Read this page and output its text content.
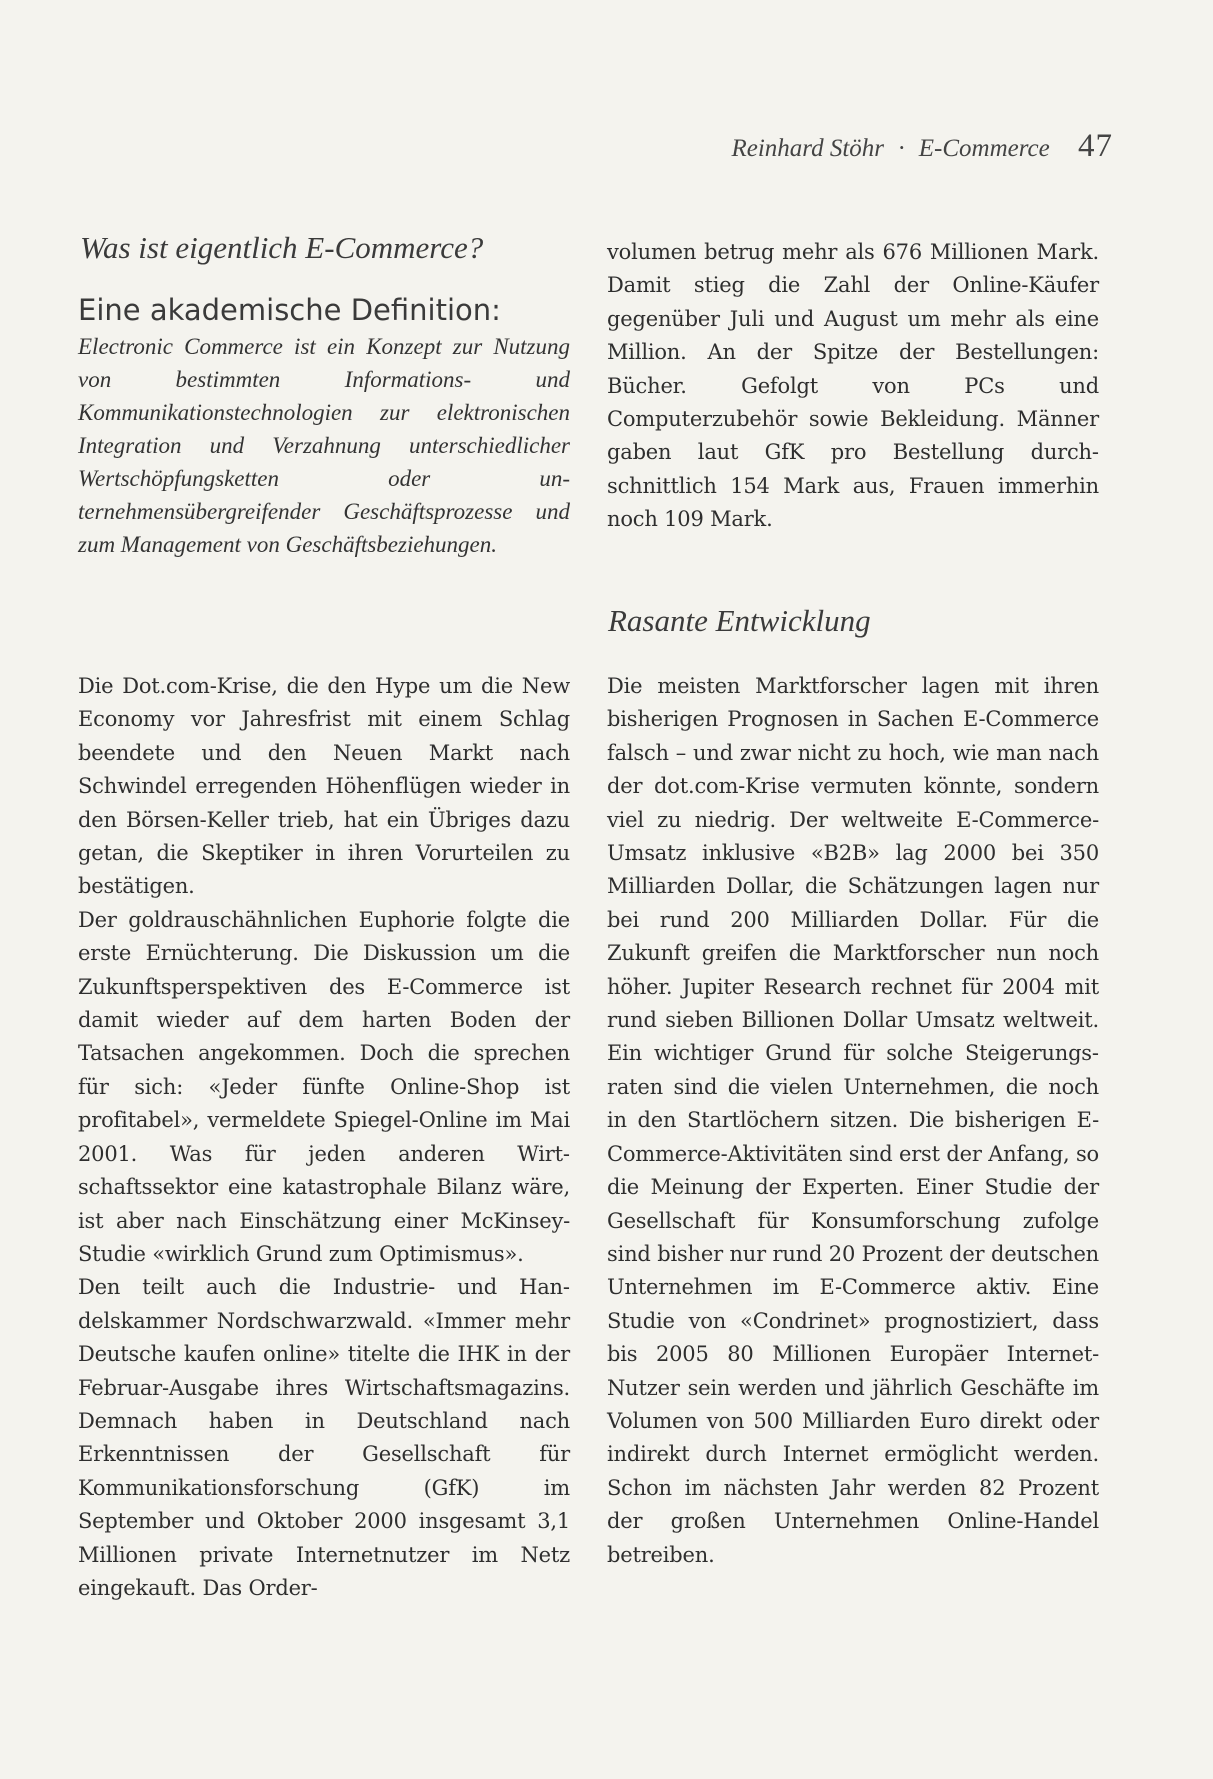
Reinhard Stöhr · E-Commerce 47
Was ist eigentlich E-Commerce?
Eine akademische Definition:
Electronic Commerce ist ein Konzept zur Nutzung von bestimmten Informations- und Kommunikationstechnologien zur elektronischen Integration und Verzahnung unterschiedlicher Wertschöpfungsketten oder unternehmensübergreifender Geschäftsprozesse und zum Management von Geschäftsbeziehungen.

Die Dot.com-Krise, die den Hype um die New Economy vor Jahresfrist mit einem Schlag beendete und den Neuen Markt nach Schwindel erregenden Höhenflügen wieder in den Börsen-Keller trieb, hat ein Übriges dazu getan, die Skeptiker in ihren Vorurteilen zu bestätigen.

Der goldrauschähnlichen Euphorie folgte die erste Ernüchterung. Die Diskussion um die Zukunftsperspektiven des E-Commerce ist damit wieder auf dem harten Boden der Tatsachen angekommen. Doch die sprechen für sich: «Jeder fünfte Online-Shop ist profitabel», vermeldete Spiegel-Online im Mai 2001. Was für jeden anderen Wirtschaftssektor eine katastrophale Bilanz wäre, ist aber nach Einschätzung einer McKinsey-Studie «wirklich Grund zum Optimismus».

Den teilt auch die Industrie- und Handelskammer Nordschwarzwald. «Immer mehr Deutsche kaufen online» titelte die IHK in der Februar-Ausgabe ihres Wirtschaftsmagazins. Demnach haben in Deutschland nach Erkenntnissen der Gesellschaft für Kommunikationsforschung (GfK) im September und Oktober 2000 insgesamt 3,1 Millionen private Internetnutzer im Netz eingekauft. Das Order-

volumen betrug mehr als 676 Millionen Mark. Damit stieg die Zahl der Online-Käufer gegenüber Juli und August um mehr als eine Million. An der Spitze der Bestellungen: Bücher. Gefolgt von PCs und Computerzubehör sowie Bekleidung. Männer gaben laut GfK pro Bestellung durchschnittlich 154 Mark aus, Frauen immerhin noch 109 Mark.
Rasante Entwicklung
Die meisten Marktforscher lagen mit ihren bisherigen Prognosen in Sachen E-Commerce falsch – und zwar nicht zu hoch, wie man nach der dot.com-Krise vermuten könnte, sondern viel zu niedrig. Der weltweite E-Commerce-Umsatz inklusive «B2B» lag 2000 bei 350 Milliarden Dollar, die Schätzungen lagen nur bei rund 200 Milliarden Dollar. Für die Zukunft greifen die Marktforscher nun noch höher. Jupiter Research rechnet für 2004 mit rund sieben Billionen Dollar Umsatz weltweit. Ein wichtiger Grund für solche Steigerungsraten sind die vielen Unternehmen, die noch in den Startlöchern sitzen. Die bisherigen E-Commerce-Aktivitäten sind erst der Anfang, so die Meinung der Experten. Einer Studie der Gesellschaft für Konsumforschung zufolge sind bisher nur rund 20 Prozent der deutschen Unternehmen im E-Commerce aktiv. Eine Studie von «Condrinet» prognostiziert, dass bis 2005 80 Millionen Europäer Internet-Nutzer sein werden und jährlich Geschäfte im Volumen von 500 Milliarden Euro direkt oder indirekt durch Internet ermöglicht werden. Schon im nächsten Jahr werden 82 Prozent der großen Unternehmen Online-Handel betreiben.
